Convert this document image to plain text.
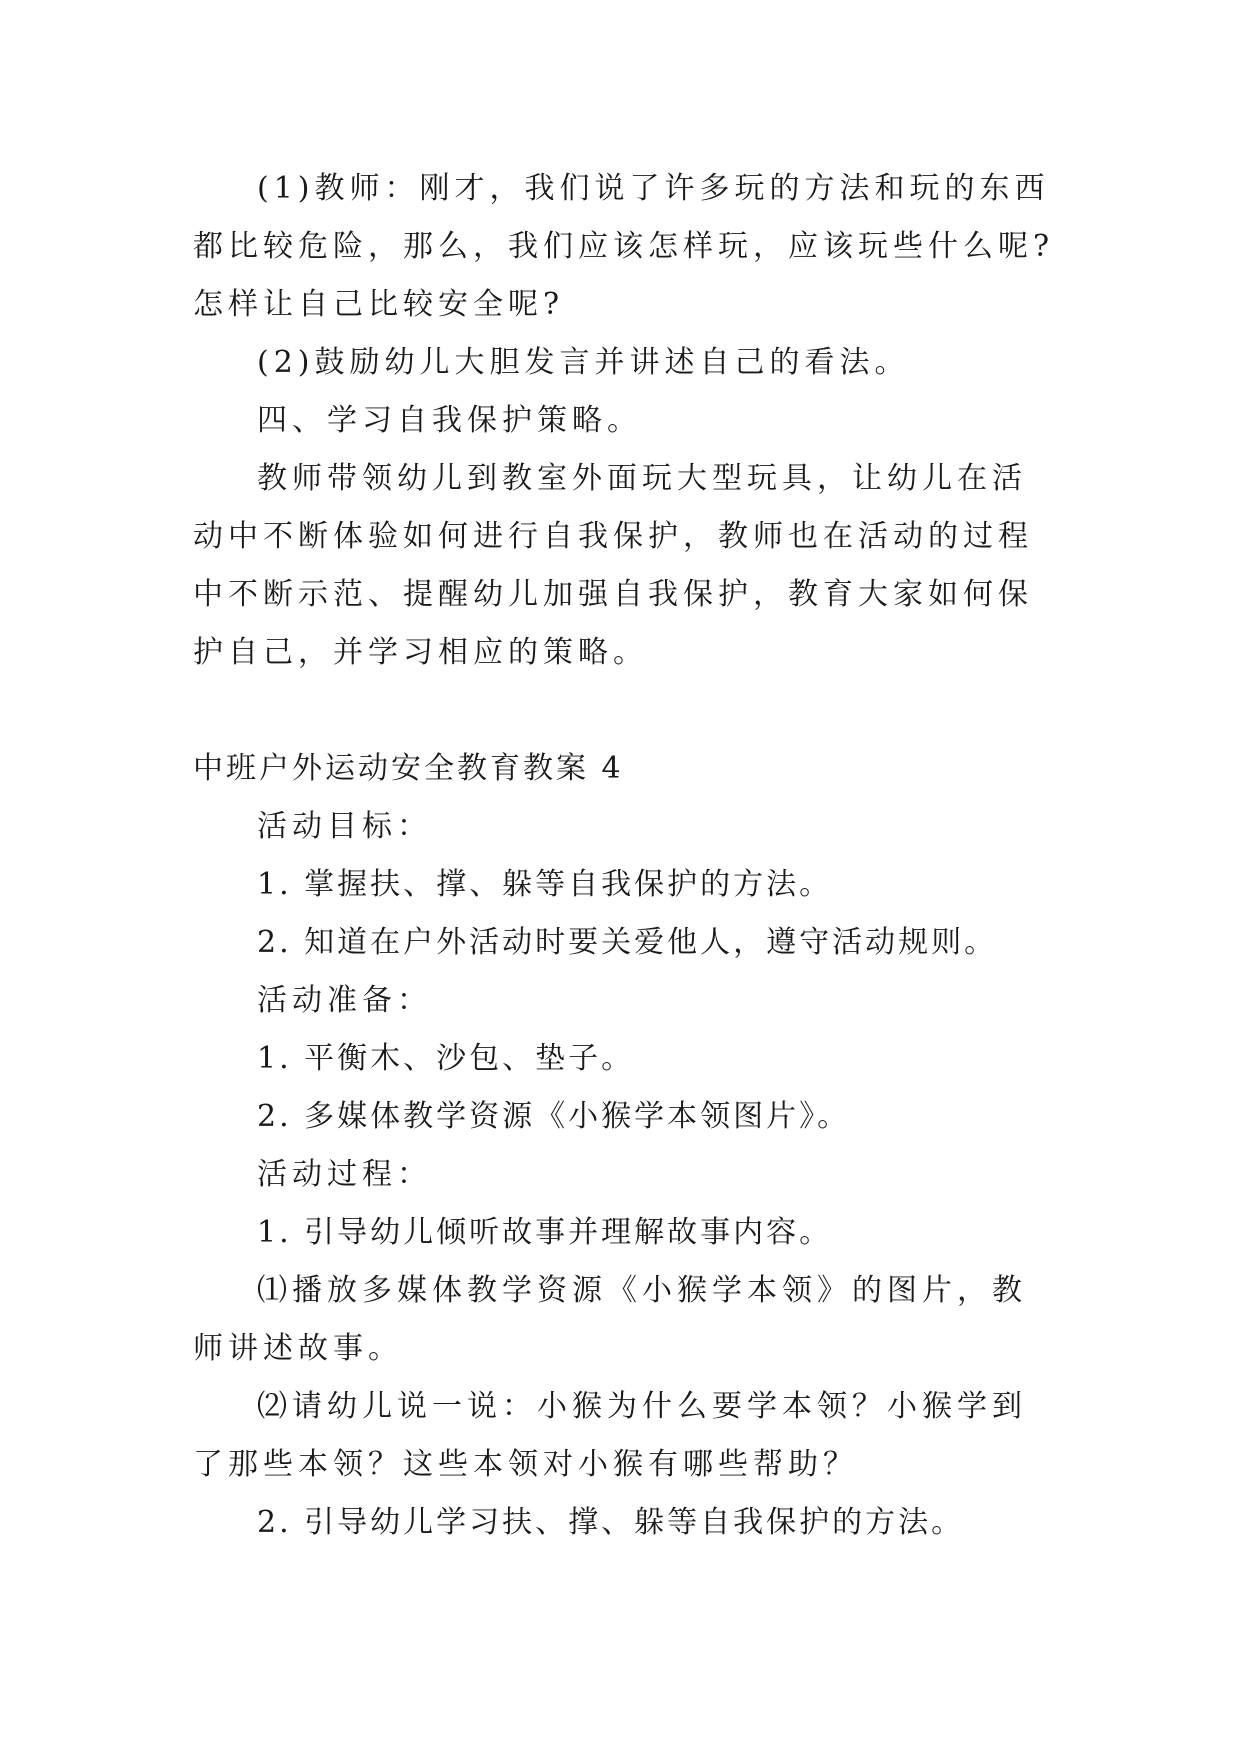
(1)教师：刚才，我们说了许多玩的方法和玩的东西都比较危险，那么，我们应该怎样玩，应该玩些什么呢?怎样让自己比较安全呢?

(2)鼓励幼儿大胆发言并讲述自己的看法。

四、学习自我保护策略。

教师带领幼儿到教室外面玩大型玩具，让幼儿在活动中不断体验如何进行自我保护，教师也在活动的过程中不断示范、提醒幼儿加强自我保护，教育大家如何保护自己，并学习相应的策略。

中班户外运动安全教育教案 4

活动目标：

1. 掌握扶、撑、躲等自我保护的方法。

2. 知道在户外活动时要关爱他人，遵守活动规则。

活动准备：

1. 平衡木、沙包、垫子。

2. 多媒体教学资源《小猴学本领图片》。

活动过程：

1. 引导幼儿倾听故事并理解故事内容。

⑴播放多媒体教学资源《小猴学本领》的图片，教师讲述故事。

⑵请幼儿说一说：小猴为什么要学本领？小猴学到了那些本领？这些本领对小猴有哪些帮助？

2. 引导幼儿学习扶、撑、躲等自我保护的方法。
